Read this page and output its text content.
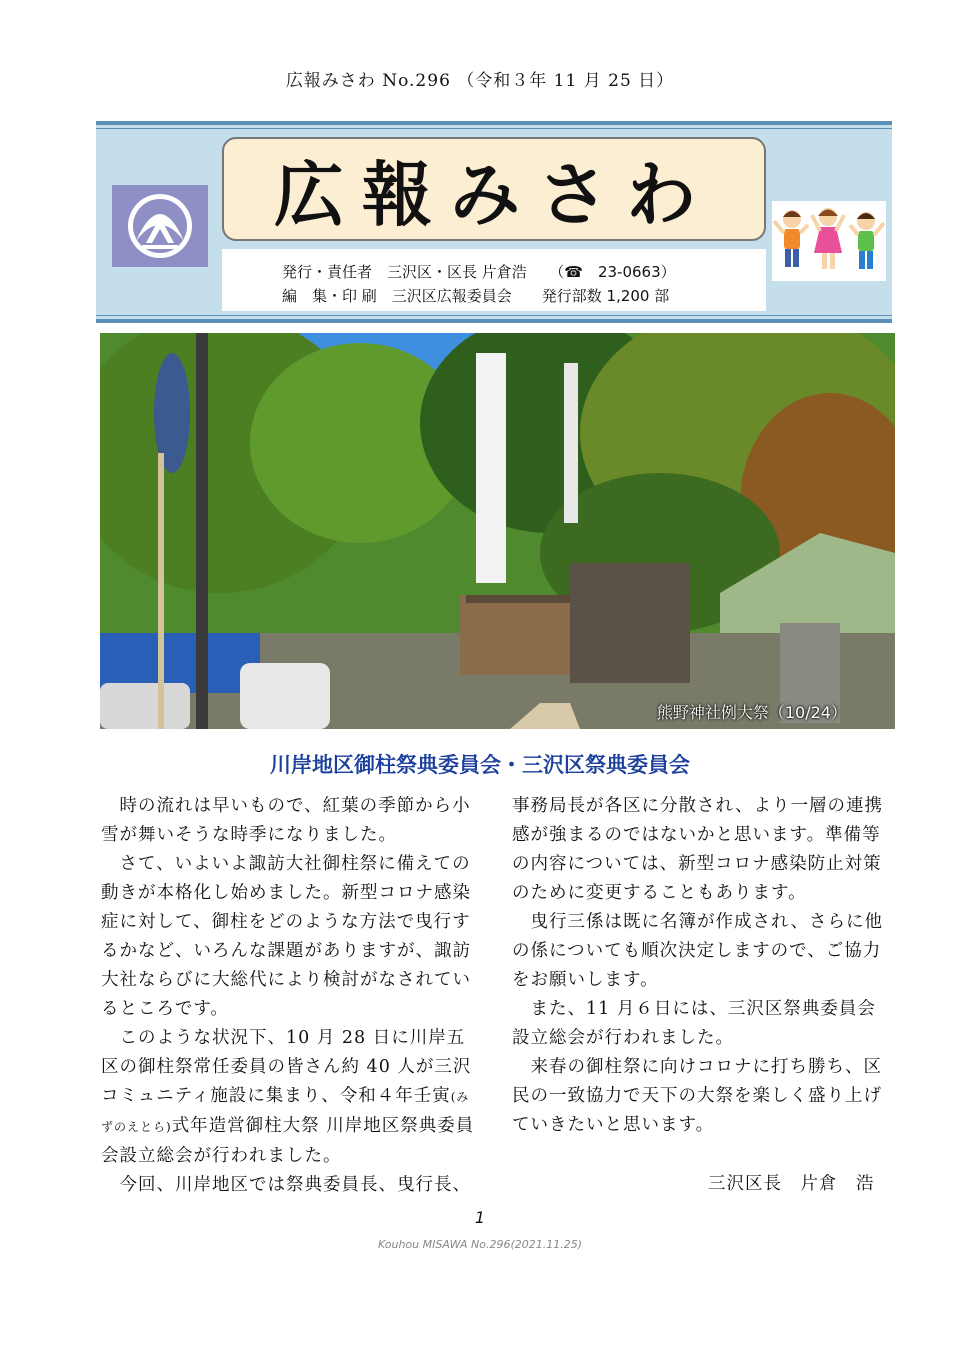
広報みさわ No.296 （令和３年 11 月 25 日）
広報みさわ
発行・責任者　三沢区・区長 片倉浩　　（☎　23-0663）
編　集・印 刷　三沢区広報委員会　　発行部数 1,200 部
熊野神社例大祭（10/24）
川岸地区御柱祭典委員会・三沢区祭典委員会

　時の流れは早いもので、紅葉の季節から小雪が舞いそうな時季になりました。

　さて、いよいよ諏訪大社御柱祭に備えての動きが本格化し始めました。新型コロナ感染症に対して、御柱をどのような方法で曳行するかなど、いろんな課題がありますが、諏訪大社ならびに大総代により検討がなされているところです。

　このような状況下、10 月 28 日に川岸五区の御柱祭常任委員の皆さん約 40 人が三沢コミュニティ施設に集まり、令和４年壬寅(みずのえとら)式年造営御柱大祭 川岸地区祭典委員会設立総会が行われました。

　今回、川岸地区では祭典委員長、曳行長、

事務局長が各区に分散され、より一層の連携感が強まるのではないかと思います。準備等の内容については、新型コロナ感染防止対策のために変更することもあります。

　曳行三係は既に名簿が作成され、さらに他の係についても順次決定しますので、ご協力をお願いします。

　また、11 月６日には、三沢区祭典委員会設立総会が行われました。

　来春の御柱祭に向けコロナに打ち勝ち、区民の一致協力で天下の大祭を楽しく盛り上げていきたいと思います。

三沢区長　片倉　浩
1
Kouhou MISAWA No.296(2021.11.25)
